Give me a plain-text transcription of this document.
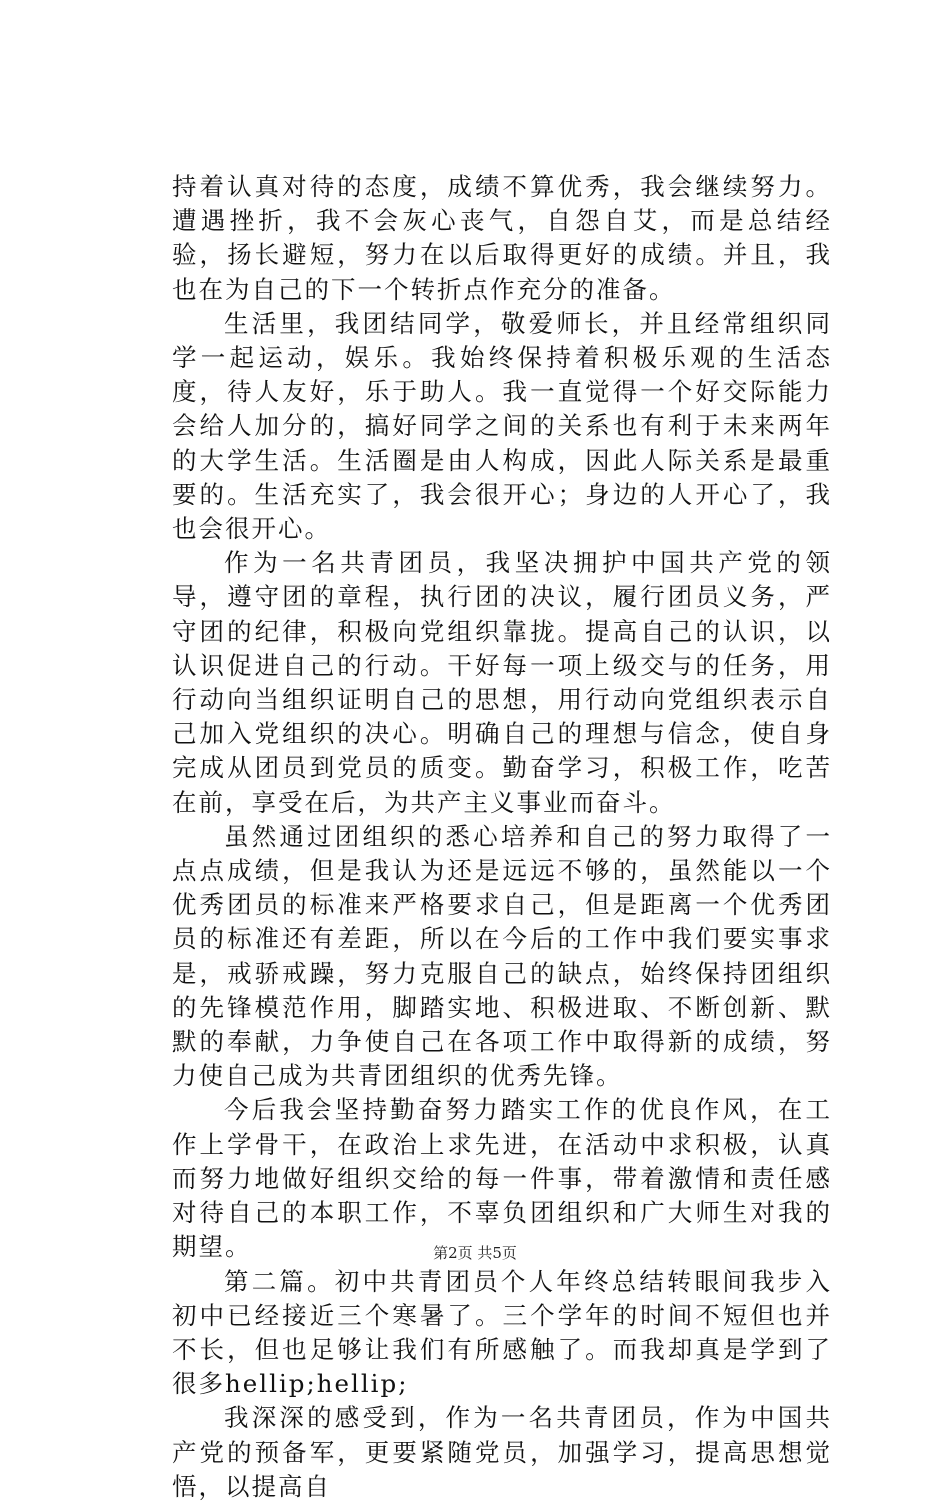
持着认真对待的态度，成绩不算优秀，我会继续努力。遭遇挫折，我不会灰心丧气，自怨自艾，而是总结经验，扬长避短，努力在以后取得更好的成绩。并且，我也在为自己的下一个转折点作充分的准备。

生活里，我团结同学，敬爱师长，并且经常组织同学一起运动，娱乐。我始终保持着积极乐观的生活态度，待人友好，乐于助人。我一直觉得一个好交际能力会给人加分的，搞好同学之间的关系也有利于未来两年的大学生活。生活圈是由人构成，因此人际关系是最重要的。生活充实了，我会很开心；身边的人开心了，我也会很开心。

作为一名共青团员，我坚决拥护中国共产党的领导，遵守团的章程，执行团的决议，履行团员义务，严守团的纪律，积极向党组织靠拢。提高自己的认识，以认识促进自己的行动。干好每一项上级交与的任务，用行动向当组织证明自己的思想，用行动向党组织表示自己加入党组织的决心。明确自己的理想与信念，使自身完成从团员到党员的质变。勤奋学习，积极工作，吃苦在前，享受在后，为共产主义事业而奋斗。

虽然通过团组织的悉心培养和自己的努力取得了一点点成绩，但是我认为还是远远不够的，虽然能以一个优秀团员的标准来严格要求自己，但是距离一个优秀团员的标准还有差距，所以在今后的工作中我们要实事求是，戒骄戒躁，努力克服自己的缺点，始终保持团组织的先锋模范作用，脚踏实地、积极进取、不断创新、默默的奉献，力争使自己在各项工作中取得新的成绩，努力使自己成为共青团组织的优秀先锋。

今后我会坚持勤奋努力踏实工作的优良作风，在工作上学骨干，在政治上求先进，在活动中求积极，认真而努力地做好组织交给的每一件事，带着激情和责任感对待自己的本职工作，不辜负团组织和广大师生对我的期望。

第二篇。初中共青团员个人年终总结转眼间我步入初中已经接近三个寒暑了。三个学年的时间不短但也并不长，但也足够让我们有所感触了。而我却真是学到了很多hellip;hellip;

我深深的感受到，作为一名共青团员，作为中国共产党的预备军，更要紧随党员，加强学习，提高思想觉悟，以提高自

第2页 共5页
